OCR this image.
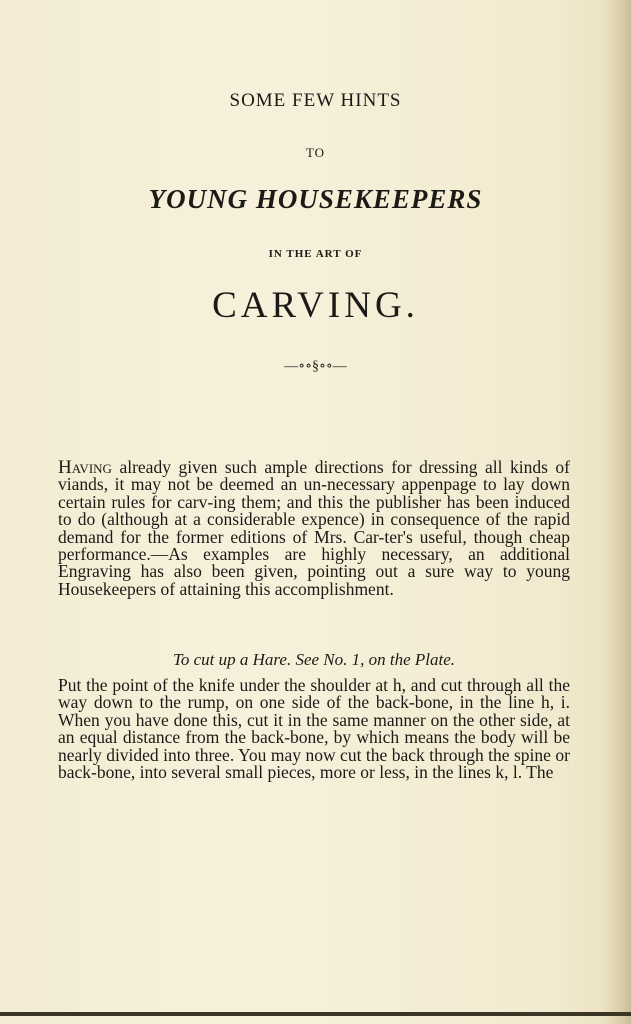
SOME FEW HINTS
TO
YOUNG HOUSEKEEPERS
IN THE ART OF
CARVING.
—∘∘§∘∘—
Having already given such ample directions for dressing all kinds of viands, it may not be deemed an un-necessary appenpage to lay down certain rules for carv-ing them; and this the publisher has been induced to do (although at a considerable expence) in consequence of the rapid demand for the former editions of Mrs. Car-ter's useful, though cheap performance.—As examples are highly necessary, an additional Engraving has also been given, pointing out a sure way to young Housekeepers of attaining this accomplishment.
To cut up a Hare. See No. 1, on the Plate.
Put the point of the knife under the shoulder at h, and cut through all the way down to the rump, on one side of the back-bone, in the line h, i. When you have done this, cut it in the same manner on the other side, at an equal distance from the back-bone, by which means the body will be nearly divided into three. You may now cut the back through the spine or back-bone, into several small pieces, more or less, in the lines k, l. The
